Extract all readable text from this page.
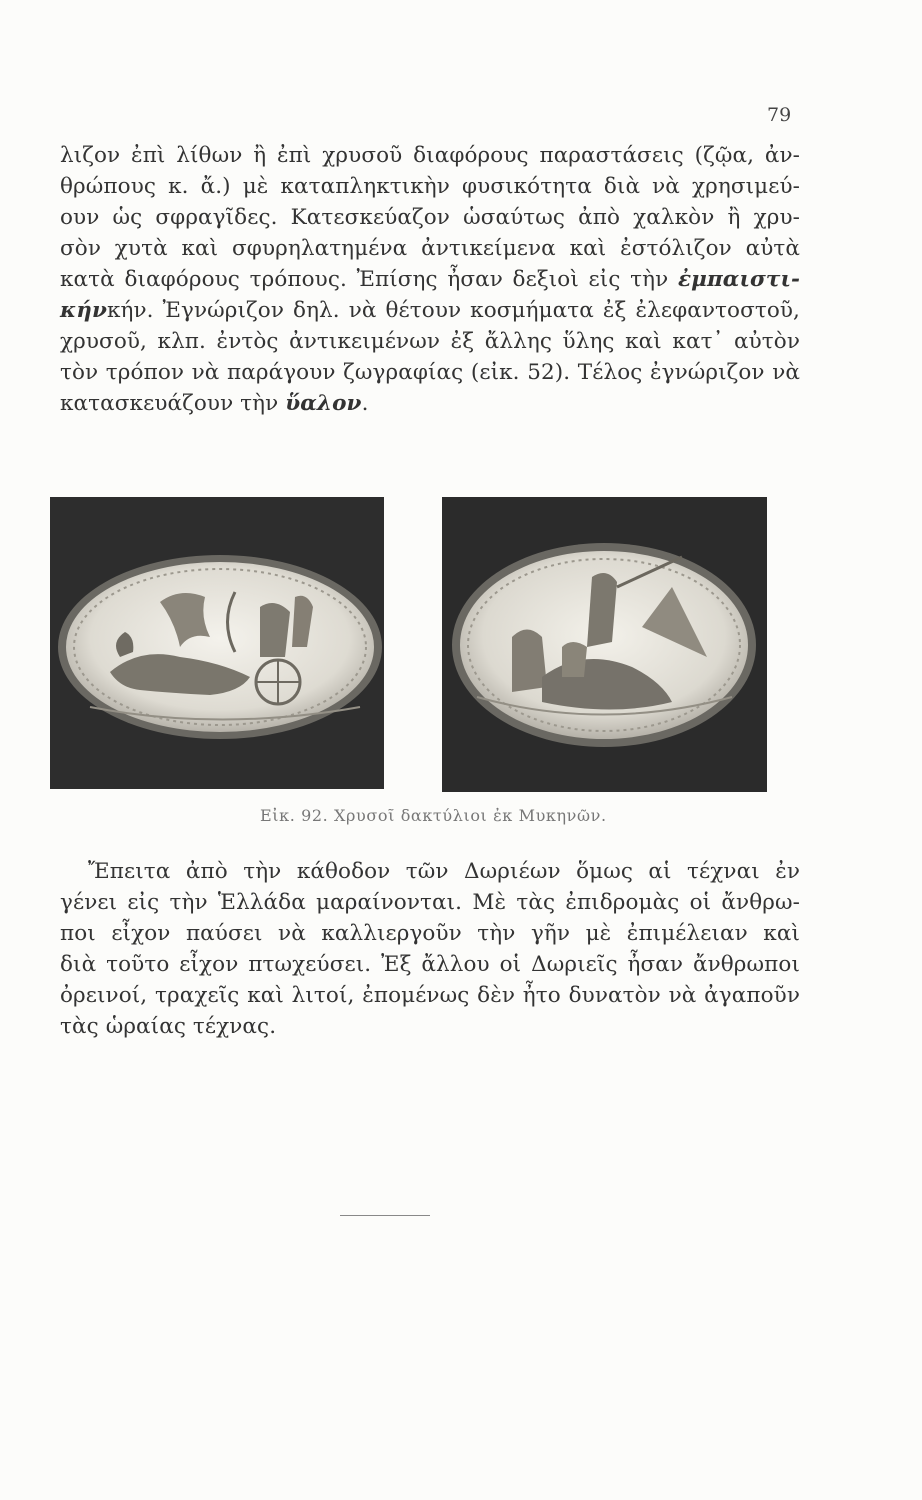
79
λιζον ἐπὶ λίθων ἢ ἐπὶ χρυσοῦ διαφόρους παραστάσεις (ζῷα, ἀν-
θρώπους κ. ἄ.) μὲ καταπληκτικὴν φυσικότητα διὰ νὰ χρησιμεύ-
ουν ὡς σφραγῖδες. Κατεσκεύαζον ὡσαύτως ἀπὸ χαλκὸν ἢ χρυ-
σὸν χυτὰ καὶ σφυρηλατημένα ἀντικείμενα καὶ ἐστόλιζον αὐτὰ
κατὰ διαφόρους τρόπους. Ἐπίσης ἦσαν δεξιοὶ εἰς τὴν ἐμπαιστι-
κήνκήν. Ἐγνώριζον δηλ. νὰ θέτουν κοσμήματα ἐξ ἐλεφαντοστοῦ,
χρυσοῦ, κλπ. ἐντὸς ἀντικειμένων ἐξ ἄλλης ὕλης καὶ κατ᾽ αὐτὸν
τὸν τρόπον νὰ παράγουν ζωγραφίας (εἰκ. 52). Τέλος ἐγνώριζον νὰ
κατασκευάζουν τὴν ὕαλον.
Εἰκ. 92. Χρυσοῖ δακτύλιοι ἐκ Μυκηνῶν.
Ἔπειτα ἀπὸ τὴν κάθοδον τῶν Δωριέων ὅμως αἱ τέχναι ἐν
γένει εἰς τὴν Ἑλλάδα μαραίνονται. Μὲ τὰς ἐπιδρομὰς οἱ ἄνθρω-
ποι εἶχον παύσει νὰ καλλιεργοῦν τὴν γῆν μὲ ἐπιμέλειαν καὶ
διὰ τοῦτο εἶχον πτωχεύσει. Ἐξ ἄλλου οἱ Δωριεῖς ἦσαν ἄνθρωποι
ὀρεινοί, τραχεῖς καὶ λιτοί, ἐπομένως δὲν ἦτο δυνατὸν νὰ ἀγαποῦν
τὰς ὡραίας τέχνας.
